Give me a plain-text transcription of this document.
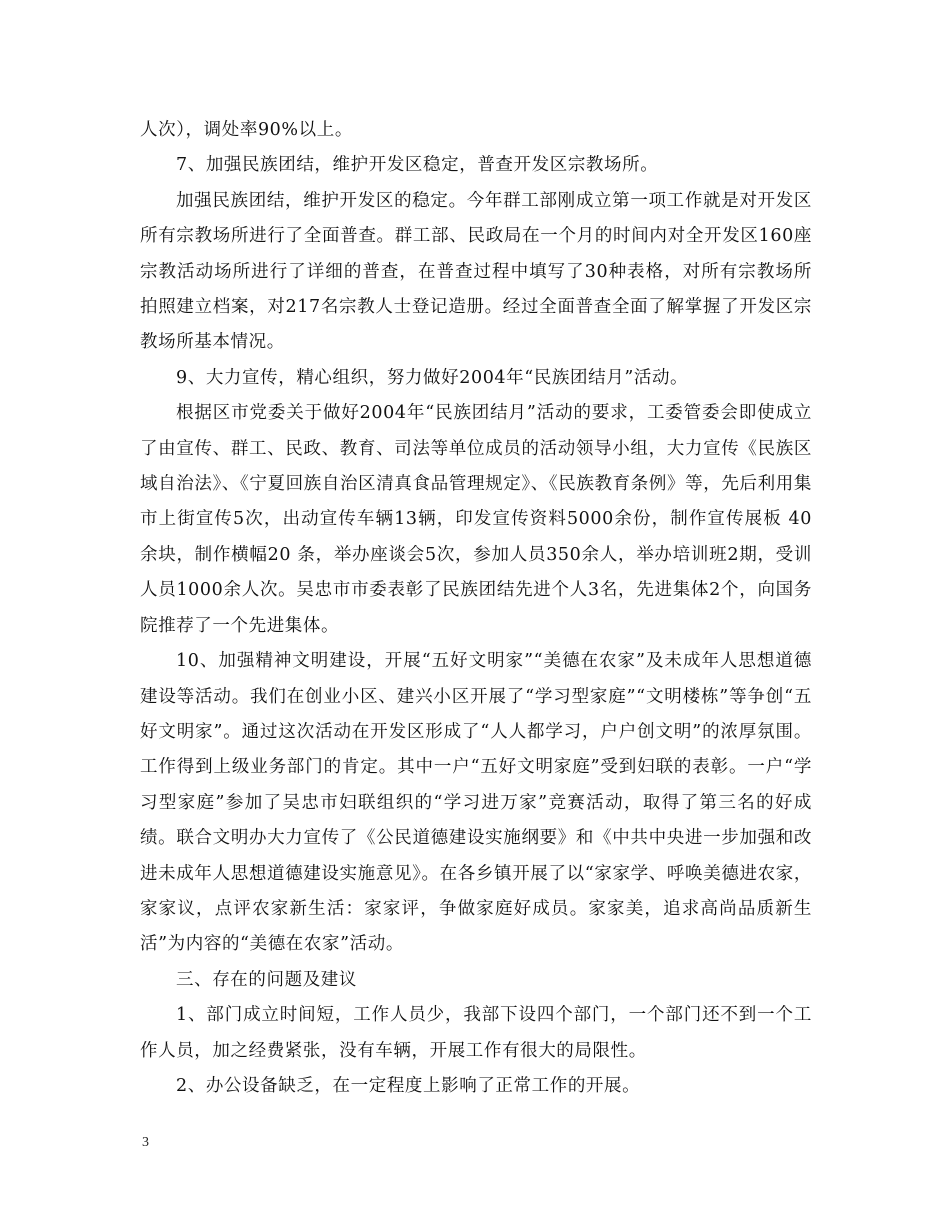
人次），调处率90%以上。

7、加强民族团结，维护开发区稳定，普查开发区宗教场所。

加强民族团结，维护开发区的稳定。今年群工部刚成立第一项工作就是对开发区所有宗教场所进行了全面普查。群工部、民政局在一个月的时间内对全开发区160座宗教活动场所进行了详细的普查，在普查过程中填写了30种表格，对所有宗教场所拍照建立档案，对217名宗教人士登记造册。经过全面普查全面了解掌握了开发区宗教场所基本情况。

9、大力宣传，精心组织，努力做好2004年“民族团结月”活动。

根据区市党委关于做好2004年“民族团结月”活动的要求，工委管委会即使成立了由宣传、群工、民政、教育、司法等单位成员的活动领导小组，大力宣传《民族区域自治法》、《宁夏回族自治区清真食品管理规定》、《民族教育条例》等，先后利用集市上街宣传5次，出动宣传车辆13辆，印发宣传资料5000余份，制作宣传展板 40余块，制作横幅20 条，举办座谈会5次，参加人员350余人，举办培训班2期，受训人员1000余人次。吴忠市市委表彰了民族团结先进个人3名，先进集体2个，向国务院推荐了一个先进集体。

10、加强精神文明建设，开展“五好文明家”“美德在农家”及未成年人思想道德建设等活动。我们在创业小区、建兴小区开展了“学习型家庭”“文明楼栋”等争创“五好文明家”。通过这次活动在开发区形成了“人人都学习，户户创文明”的浓厚氛围。工作得到上级业务部门的肯定。其中一户“五好文明家庭”受到妇联的表彰。一户“学习型家庭”参加了吴忠市妇联组织的“学习进万家”竞赛活动，取得了第三名的好成绩。联合文明办大力宣传了《公民道德建设实施纲要》和《中共中央进一步加强和改进未成年人思想道德建设实施意见》。在各乡镇开展了以“家家学、呼唤美德进农家，家家议，点评农家新生活：家家评，争做家庭好成员。家家美，追求高尚品质新生活”为内容的“美德在农家”活动。

三、存在的问题及建议

1、部门成立时间短，工作人员少，我部下设四个部门，一个部门还不到一个工作人员，加之经费紧张，没有车辆，开展工作有很大的局限性。

2、办公设备缺乏，在一定程度上影响了正常工作的开展。

3
